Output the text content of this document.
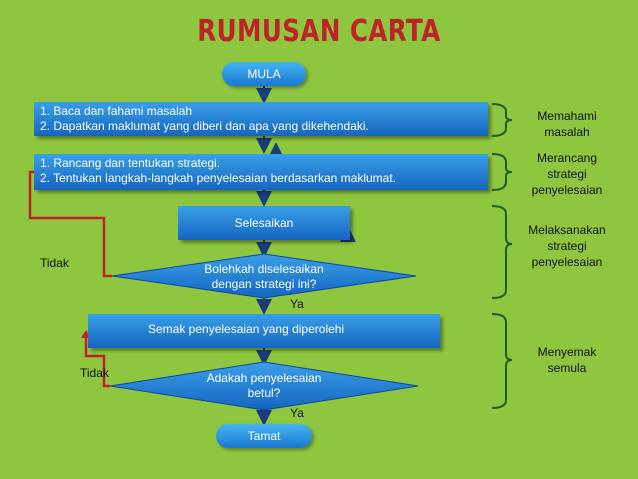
RUMUSAN CARTA
MULA
1. Baca dan fahami masalah
2. Dapatkan maklumat yang diberi dan apa yang dikehendaki.
1. Rancang dan tentukan strategi.
2. Tentukan langkah-langkah penyelesaian berdasarkan maklumat.
Selesaikan
Bolehkah diselesaikan
dengan strategi ini?
Tidak
Ya
Semak penyelesaian yang diperolehi
Adakah penyelesaian
betul?
Tidak
Ya
Tamat
Memahami
masalah
Merancang
strategi
penyelesaian
Melaksanakan
strategi
penyelesaian
Menyemak
semula
